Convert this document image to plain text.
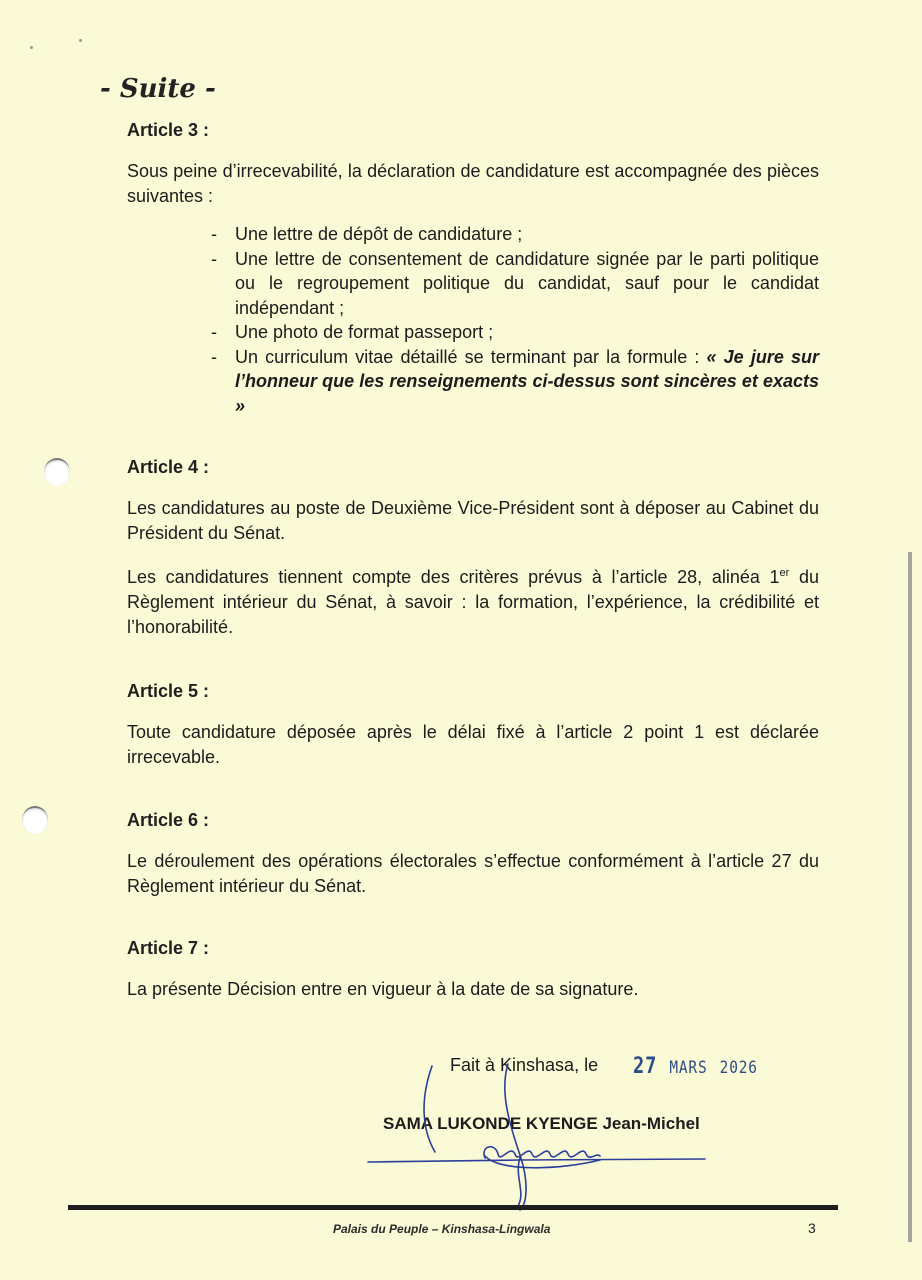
- Suite -
Article 3 :

Sous peine d’irrecevabilité, la déclaration de candidature est accompagnée des pièces suivantes :

- Une lettre de dépôt de candidature ;
- Une lettre de consentement de candidature signée par le parti politique ou le regroupement politique du candidat, sauf pour le candidat indépendant ;
- Une photo de format passeport ;
- Un curriculum vitae détaillé se terminant par la formule : « Je jure sur l’honneur que les renseignements ci-dessus sont sincères et exacts »
Article 4 :

Les candidatures au poste de Deuxième Vice-Président sont à déposer au Cabinet du Président du Sénat.

Les candidatures tiennent compte des critères prévus à l’article 28, alinéa 1er du Règlement intérieur du Sénat, à savoir : la formation, l’expérience, la crédibilité et l’honorabilité.

Article 5 :

Toute candidature déposée après le délai fixé à l’article 2 point 1 est déclarée irrecevable.

Article 6 :

Le déroulement des opérations électorales s’effectue conformément à l’article 27 du Règlement intérieur du Sénat.

Article 7 :

La présente Décision entre en vigueur à la date de sa signature.

Fait à Kinshasa, le 27 MARS 2026
SAMA LUKONDE KYENGE Jean-Michel
Palais du Peuple – Kinshasa-Lingwala	3
